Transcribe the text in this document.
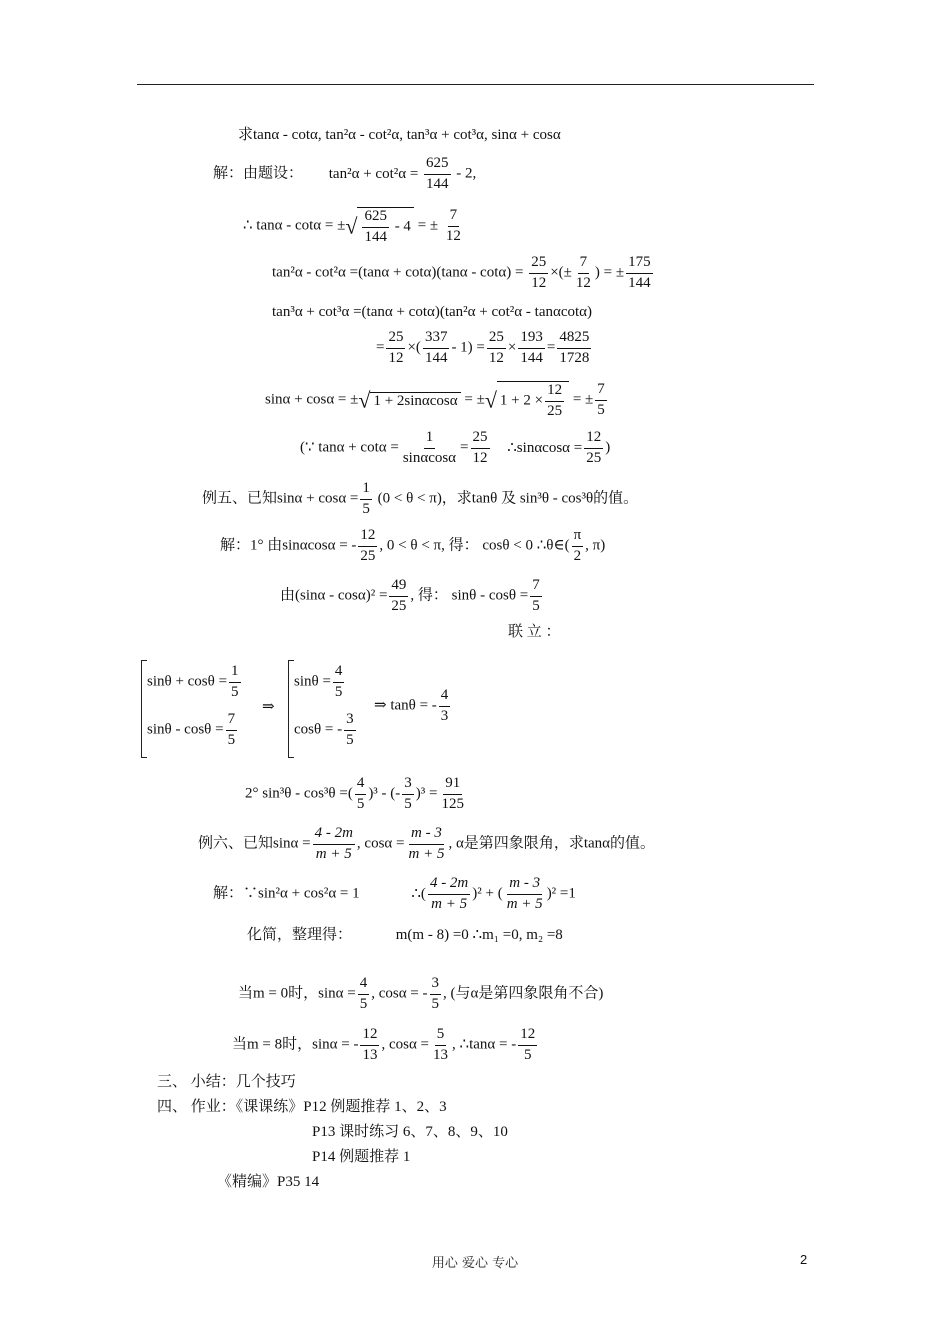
求tanα - cotα, tan²α - cot²α, tan³α + cot³α, sinα + cosα
解：由题设： $\tan^2\alpha + \cot^2\alpha = \frac{625}{144} - 2$,
∴ tanα - cotα = ±√ $\frac{625}{144} - 4$ = ± $\frac{7}{12}$
$\tan^2\alpha - \cot^2\alpha =(\tan\alpha + \cot\alpha)(\tan\alpha - \cot\alpha) = \frac{25}{12}$ ×(± $\frac{7}{12}$ ) = ± $\frac{175}{144}$
tan³α + cot³α =(tanα + cotα)(tan²α + cot²α - tanαcotα)
= $\frac{25}{12}$ ×( $\frac{337}{144} - 1) = \frac{25}{12} \times \frac{193}{144} = \frac{4825}{1728}$
sinα + cosα = ±√ 1 + 2sinαcosα = ±√ $1 + 2 \times \frac{12}{25}$ = ± $\frac{7}{5}$
(∵ $\tan\alpha + \cot\alpha = \frac{1}{\sin\alpha\cos\alpha} = \frac{25}{12}$ ∴sinαcosα = $\frac{12}{25}$ )
例五、已知$\sin\alpha + \cos\alpha = \frac{1}{5} (0 < \theta < \pi)$，求tanθ 及 sin³θ - cos³θ的值。
解：1° 由sinαcosα = - $\frac{12}{25}$ , 0 < θ < π, 得： cosθ < 0 ∴θ∈( $\frac{\pi}{2}$ , π)
由$(\sin\alpha - \cos\alpha)^2 = \frac{49}{25}$ , 得： $\sin\theta - \cos\theta = \frac{7}{5}$
联 立 ：
$\sin\theta + \cos\theta = \frac{1}{5}$
$\sin\theta - \cos\theta = \frac{7}{5}$
⇒
$\sin\theta = \frac{4}{5}$
cosθ = - $\frac{3}{5}$
⇒ tanθ = - $\frac{4}{3}$
2° sin³θ - cos³θ =( $\frac{4}{5} )^3$ - (- $\frac{3}{5} )^3 = \frac{91}{125}$
例六、已知$\sin\alpha = \frac{4 - 2m}{m + 5}$ , $\cos\alpha = \frac{m - 3}{m + 5}$ , α是第四象限角，求tanα的值。
解：∵sin²α + cos²α = 1	∴( $\frac{4 - 2m}{m + 5} )^2$ + ( $\frac{m - 3}{m + 5} )^2 =1$
化简，整理得：	m(m - 8) =0 ∴m₁ =0, m₂ =8
当m = 0时，$\sin\alpha = \frac{4}{5}$ , cosα = - $\frac{3}{5}$ , (与α是第四象限角不合)
当m = 8时，sinα = - $\frac{12}{13}$ , $\cos\alpha = \frac{5}{13}$ , ∴tanα = - $\frac{12}{5}$
三、 小结：几个技巧
四、 作业：《课课练》P12 例题推荐 1、2、3
P13 课时练习 6、7、8、9、10
P14 例题推荐 1
《精编》P35 14
用心 爱心 专心	2
